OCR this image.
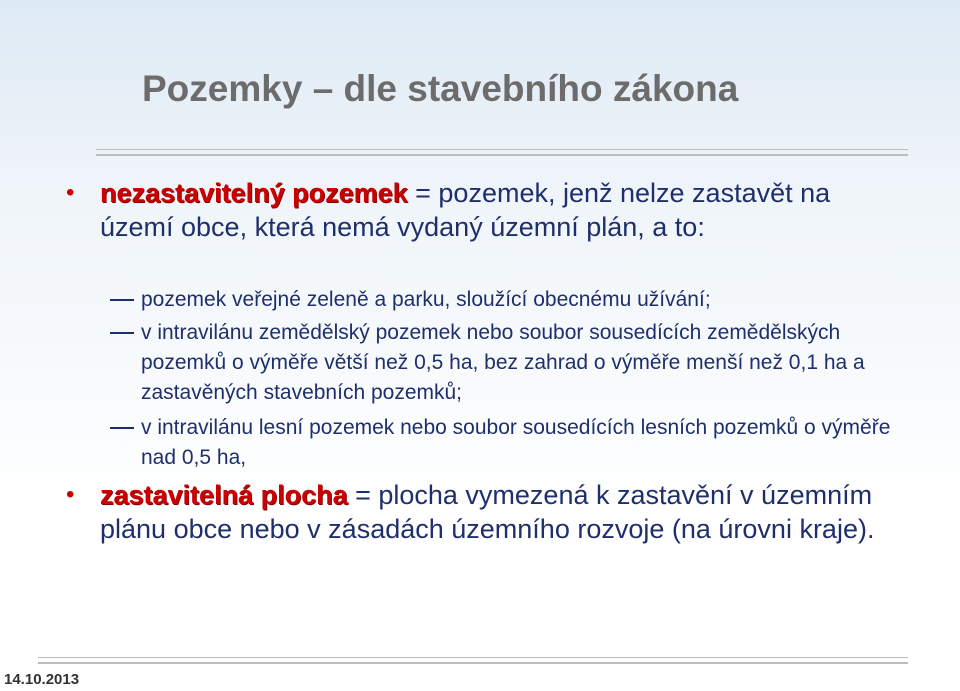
Pozemky – dle stavebního zákona
• nezastavitelný pozemek = pozemek, jenž nelze zastavět na území obce, která nemá vydaný územní plán, a to:
pozemek veřejné zeleně a parku, sloužící obecnému užívání;
v intravilánu zemědělský pozemek nebo soubor sousedících zemědělských pozemků o výměře větší než 0,5 ha, bez zahrad o výměře menší než 0,1 ha a zastavěných stavebních pozemků;
v intravilánu lesní pozemek nebo soubor sousedících lesních pozemků o výměře nad 0,5 ha,
• zastavitelná plocha = plocha vymezená k zastavění v územním plánu obce nebo v zásadách územního rozvoje (na úrovni kraje).
14.10.2013
